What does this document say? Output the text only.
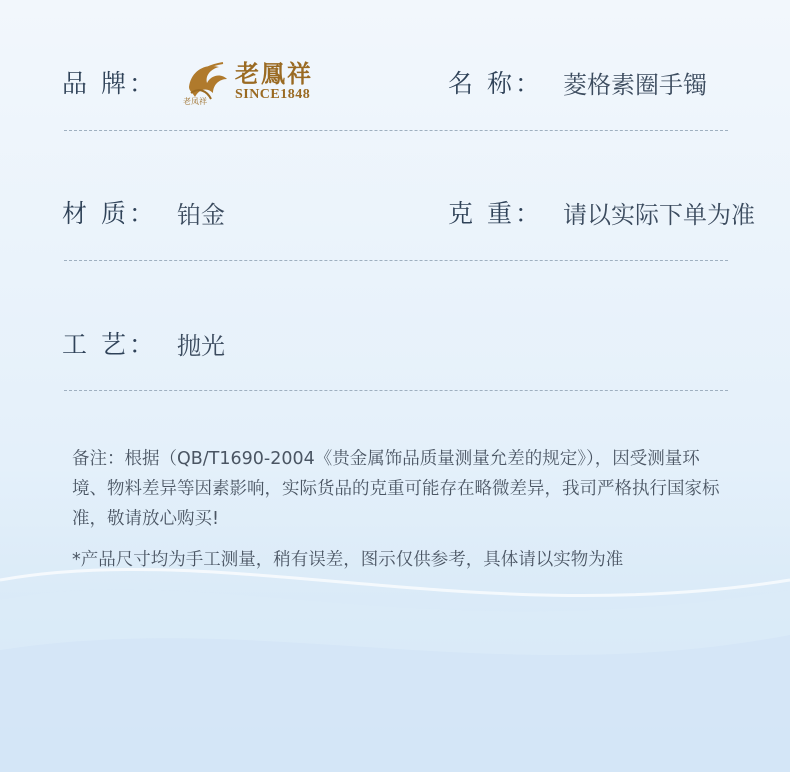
品 牌：
老凤祥
老鳳祥
SINCE1848	名 称： 菱格素圈手镯
材 质： 铂金	克 重： 请以实际下单为准
工 艺： 抛光
备注：根据（QB/T1690-2004《贵金属饰品质量测量允差的规定》），因受测量环境、物料差异等因素影响，实际货品的克重可能存在略微差异，我司严格执行国家标准，敬请放心购买!
*产品尺寸均为手工测量，稍有误差，图示仅供参考，具体请以实物为准
